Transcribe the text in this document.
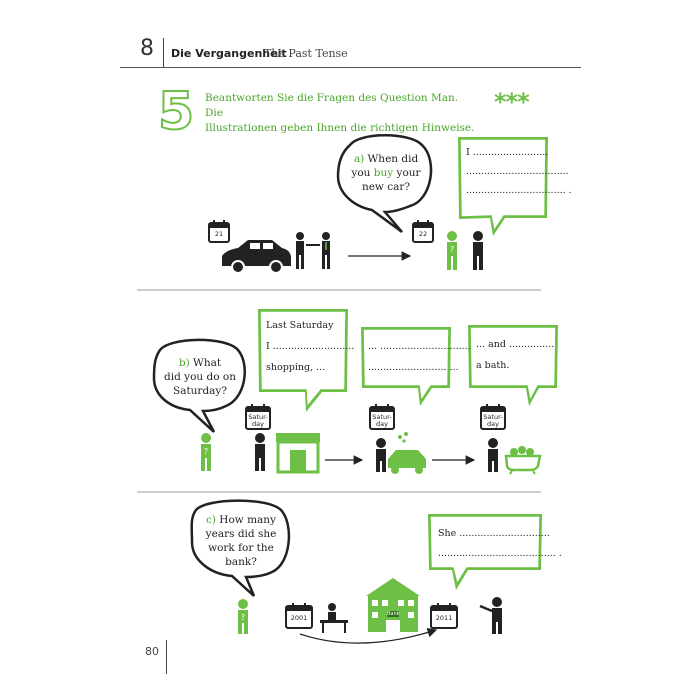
8 Die Vergangenheit
The Past Tense
5 Beantworten Sie die Fragen des Question Man. Die
Illustrationen geben Ihnen die richtigen Hinweise.
***
?
?
?
a) When did
you buy your
new car?
I .........................
..................................
................................. .
21	22
b) What
did you do on
Saturday?
Last Saturday
I ...........................
shopping, ...
... ..............................
.......................... ...
... and ...............
a bath.
Satur-
day
Satur-
day
Satur-
day
c) How many
years did she
work for the
bank?
She ..............................
....................................... .
2001	2011
Bank
80
